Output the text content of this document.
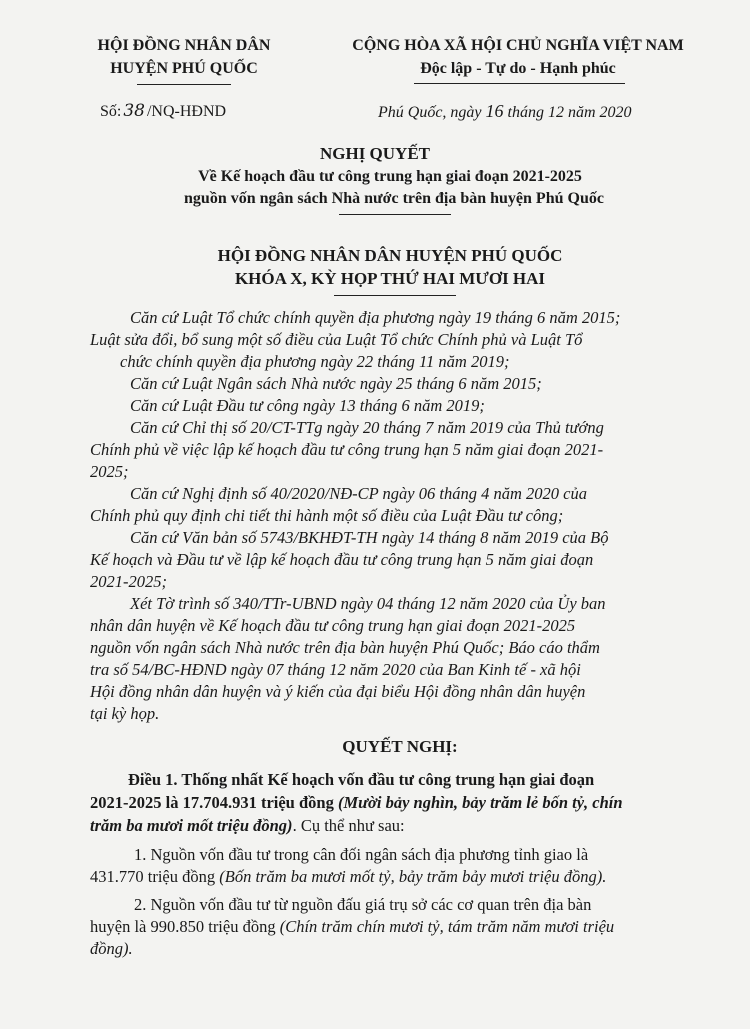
HỘI ĐỒNG NHÂN DÂN
HUYỆN PHÚ QUỐC
CỘNG HÒA XÃ HỘI CHỦ NGHĨA VIỆT NAM
Độc lập - Tự do - Hạnh phúc
Số: 38 /NQ-HĐND	Phú Quốc, ngày 16 tháng 12 năm 2020
NGHỊ QUYẾT
Về Kế hoạch đầu tư công trung hạn giai đoạn 2021-2025
nguồn vốn ngân sách Nhà nước trên địa bàn huyện Phú Quốc
HỘI ĐỒNG NHÂN DÂN HUYỆN PHÚ QUỐC
KHÓA X, KỲ HỌP THỨ HAI MƯƠI HAI
Căn cứ Luật Tổ chức chính quyền địa phương ngày 19 tháng 6 năm 2015;
Luật sửa đổi, bổ sung một số điều của Luật Tổ chức Chính phủ và Luật Tổ
chức chính quyền địa phương ngày 22 tháng 11 năm 2019;
Căn cứ Luật Ngân sách Nhà nước ngày 25 tháng 6 năm 2015;
Căn cứ Luật Đầu tư công ngày 13 tháng 6 năm 2019;
Căn cứ Chỉ thị số 20/CT-TTg ngày 20 tháng 7 năm 2019 của Thủ tướng
Chính phủ về việc lập kế hoạch đầu tư công trung hạn 5 năm giai đoạn 2021-
2025;
Căn cứ Nghị định số 40/2020/NĐ-CP ngày 06 tháng 4 năm 2020 của
Chính phủ quy định chi tiết thi hành một số điều của Luật Đầu tư công;
Căn cứ Văn bản số 5743/BKHĐT-TH ngày 14 tháng 8 năm 2019 của Bộ
Kế hoạch và Đầu tư về lập kế hoạch đầu tư công trung hạn 5 năm giai đoạn
2021-2025;
Xét Tờ trình số 340/TTr-UBND ngày 04 tháng 12 năm 2020 của Ủy ban
nhân dân huyện về Kế hoạch đầu tư công trung hạn giai đoạn 2021-2025
nguồn vốn ngân sách Nhà nước trên địa bàn huyện Phú Quốc; Báo cáo thẩm
tra số 54/BC-HĐND ngày 07 tháng 12 năm 2020 của Ban Kinh tế - xã hội
Hội đồng nhân dân huyện và ý kiến của đại biểu Hội đồng nhân dân huyện
tại kỳ họp.
QUYẾT NGHỊ:
Điều 1. Thống nhất Kế hoạch vốn đầu tư công trung hạn giai đoạn
2021-2025 là 17.704.931 triệu đồng (Mười bảy nghìn, bảy trăm lẻ bốn tỷ, chín
trăm ba mươi mốt triệu đồng). Cụ thể như sau:
1. Nguồn vốn đầu tư trong cân đối ngân sách địa phương tỉnh giao là
431.770 triệu đồng (Bốn trăm ba mươi mốt tỷ, bảy trăm bảy mươi triệu đồng).
2. Nguồn vốn đầu tư từ nguồn đấu giá trụ sở các cơ quan trên địa bàn
huyện là 990.850 triệu đồng (Chín trăm chín mươi tỷ, tám trăm năm mươi triệu
đồng).
